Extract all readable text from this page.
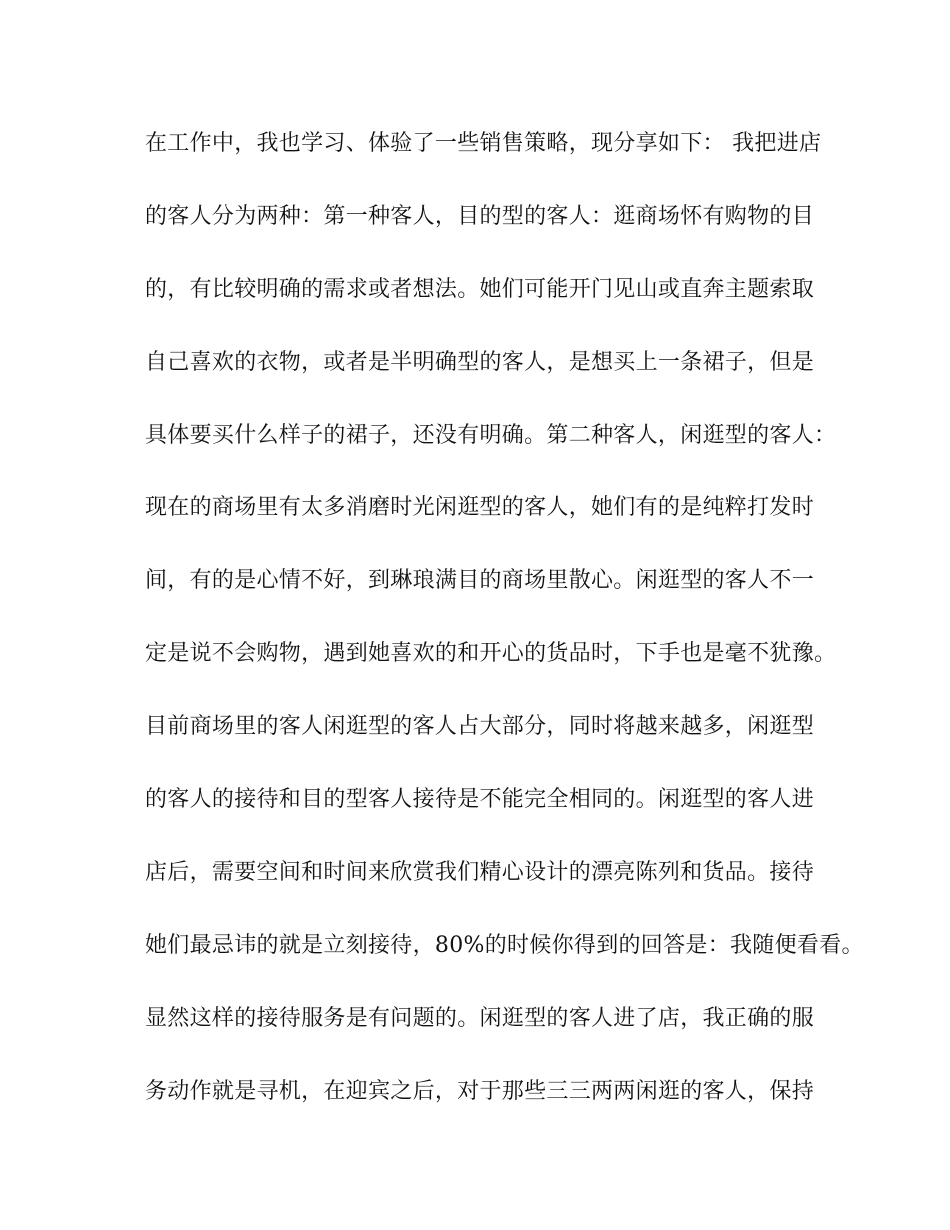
在工作中，我也学习、体验了一些销售策略，现分享如下： 我把进店
的客人分为两种：第一种客人，目的型的客人：逛商场怀有购物的目
的，有比较明确的需求或者想法。她们可能开门见山或直奔主题索取
自己喜欢的衣物，或者是半明确型的客人，是想买上一条裙子，但是
具体要买什么样子的裙子，还没有明确。第二种客人，闲逛型的客人：
现在的商场里有太多消磨时光闲逛型的客人，她们有的是纯粹打发时
间，有的是心情不好，到琳琅满目的商场里散心。闲逛型的客人不一
定是说不会购物，遇到她喜欢的和开心的货品时，下手也是毫不犹豫。
目前商场里的客人闲逛型的客人占大部分，同时将越来越多，闲逛型
的客人的接待和目的型客人接待是不能完全相同的。闲逛型的客人进
店后，需要空间和时间来欣赏我们精心设计的漂亮陈列和货品。接待
她们最忌讳的就是立刻接待，80%的时候你得到的回答是：我随便看看。
显然这样的接待服务是有问题的。闲逛型的客人进了店，我正确的服
务动作就是寻机，在迎宾之后，对于那些三三两两闲逛的客人，保持
